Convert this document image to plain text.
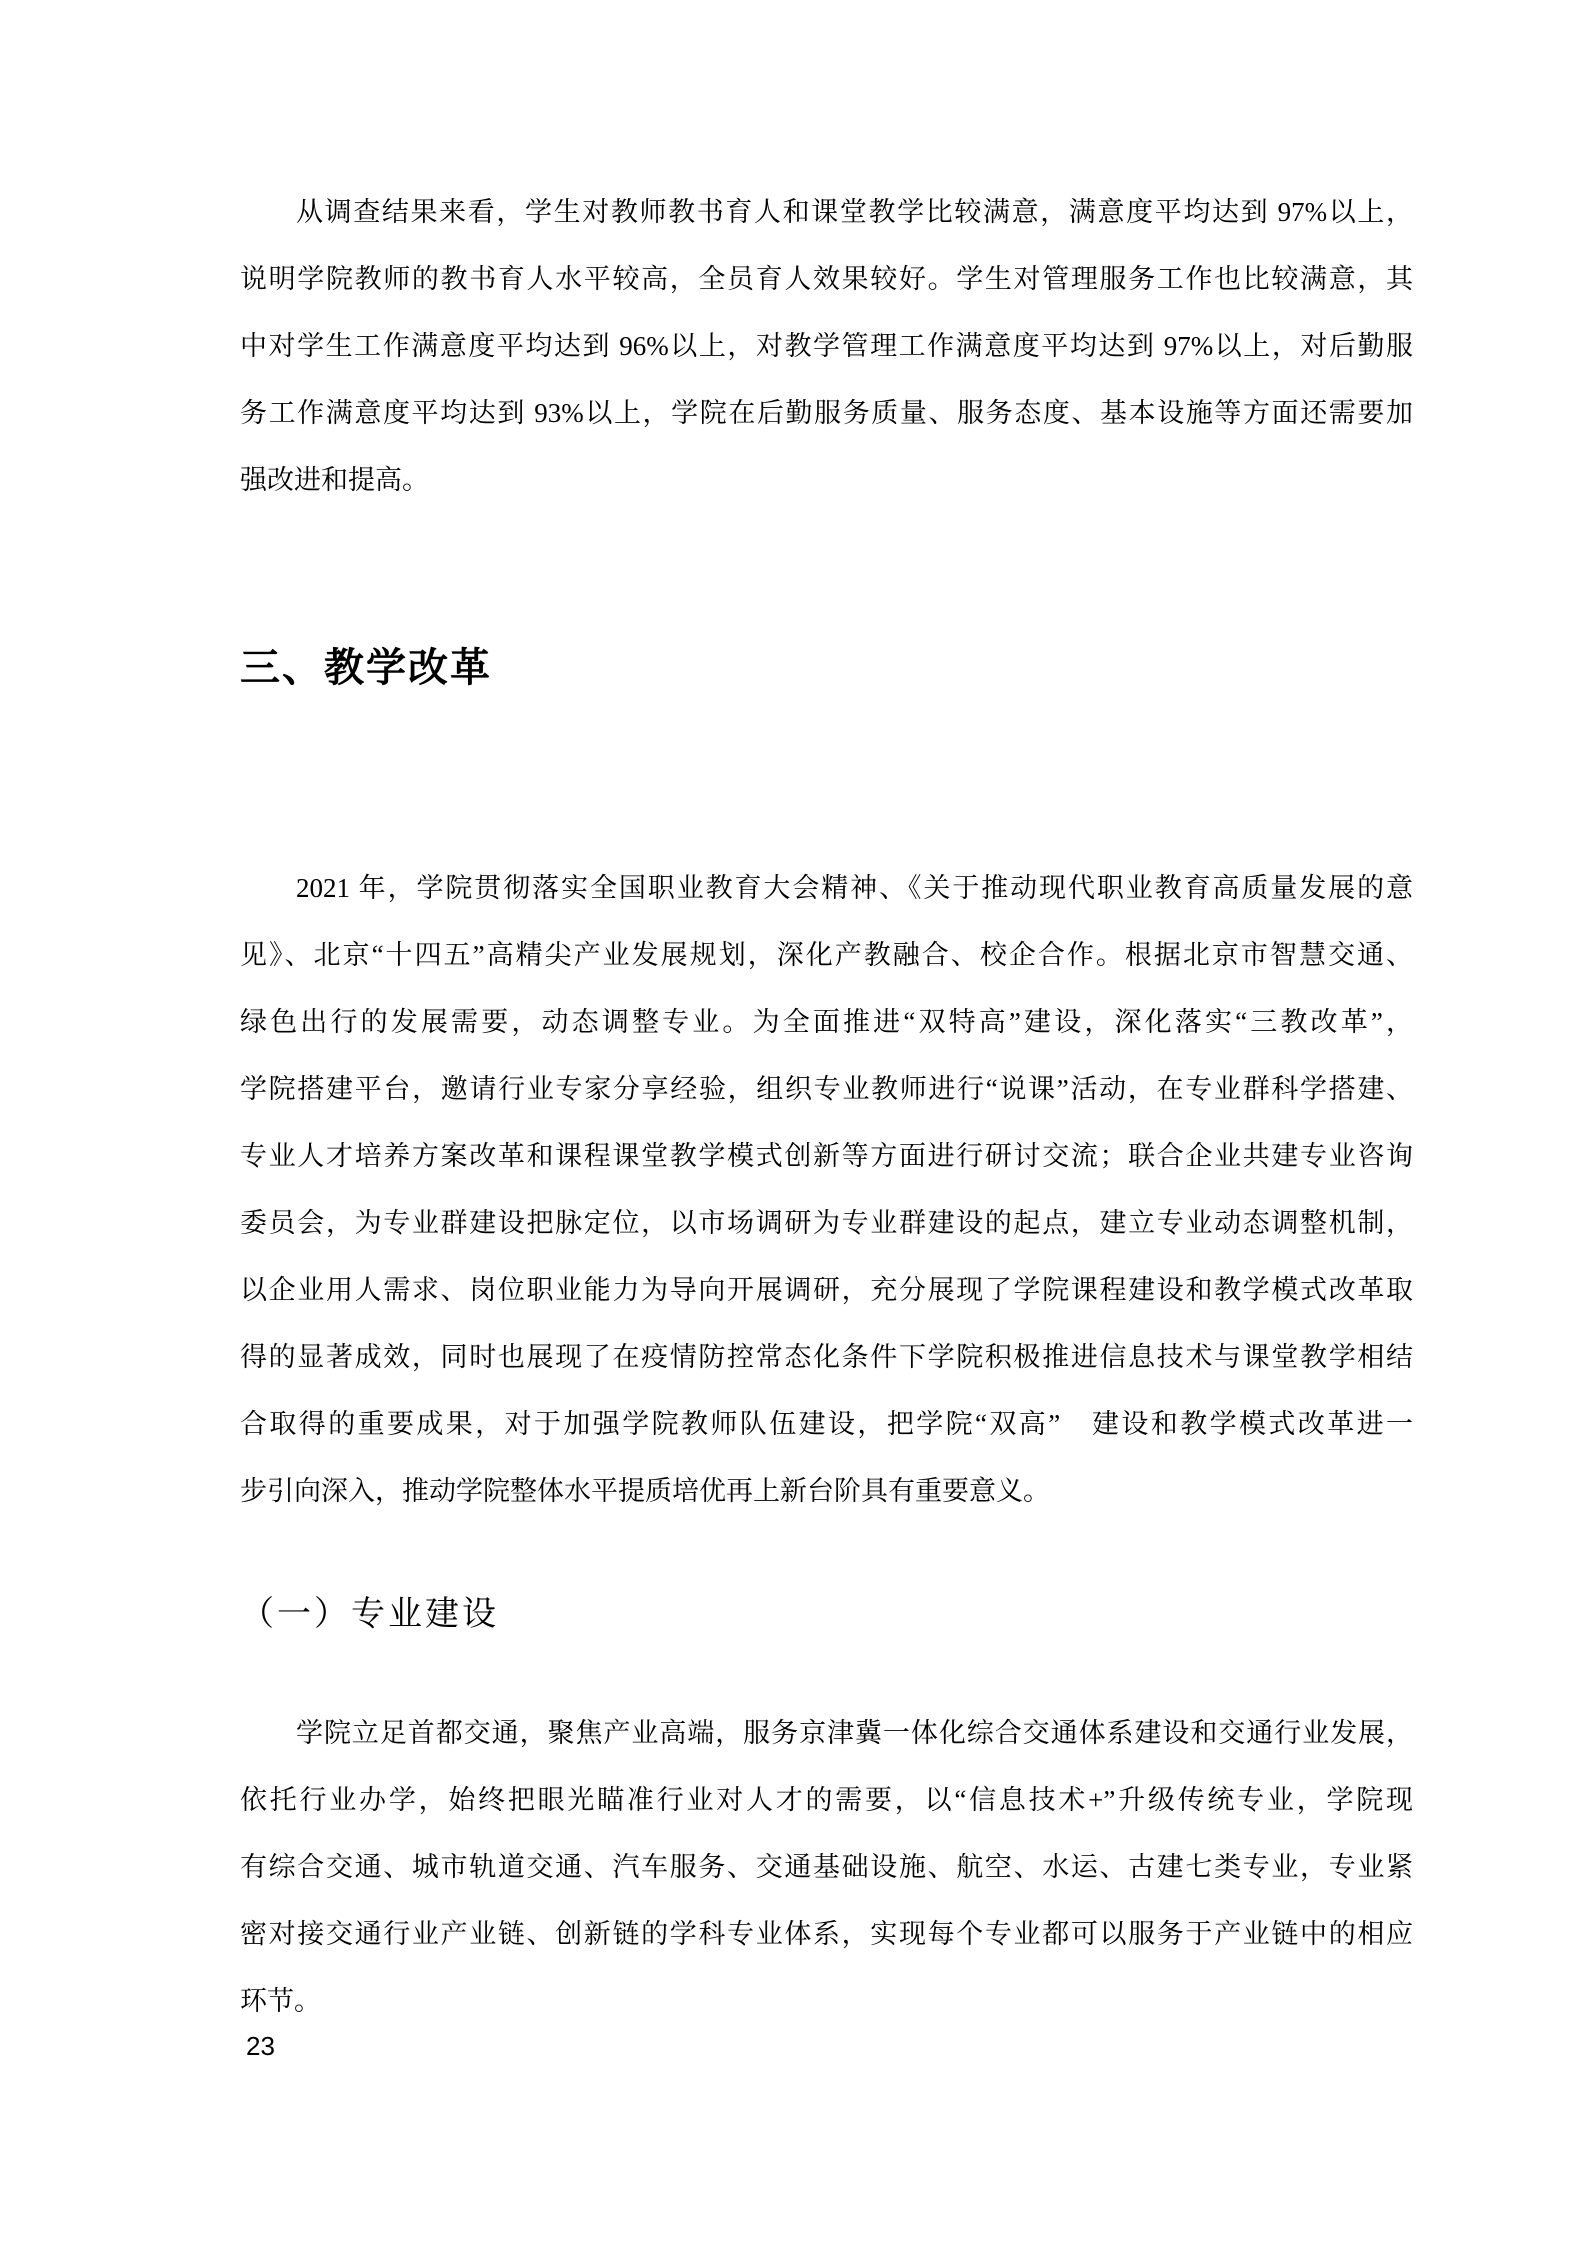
从调查结果来看，学生对教师教书育人和课堂教学比较满意，满意度平均达到 97%以上，
说明学院教师的教书育人水平较高，全员育人效果较好。学生对管理服务工作也比较满意，其
中对学生工作满意度平均达到 96%以上，对教学管理工作满意度平均达到 97%以上，对后勤服
务工作满意度平均达到 93%以上，学院在后勤服务质量、服务态度、基本设施等方面还需要加
强改进和提高。
三、教学改革
2021 年，学院贯彻落实全国职业教育大会精神、《关于推动现代职业教育高质量发展的意
见》、北京“十四五”高精尖产业发展规划，深化产教融合、校企合作。根据北京市智慧交通、
绿色出行的发展需要，动态调整专业。为全面推进“双特高”建设，深化落实“三教改革”，
学院搭建平台，邀请行业专家分享经验，组织专业教师进行“说课”活动，在专业群科学搭建、
专业人才培养方案改革和课程课堂教学模式创新等方面进行研讨交流；联合企业共建专业咨询
委员会，为专业群建设把脉定位，以市场调研为专业群建设的起点，建立专业动态调整机制，
以企业用人需求、岗位职业能力为导向开展调研，充分展现了学院课程建设和教学模式改革取
得的显著成效，同时也展现了在疫情防控常态化条件下学院积极推进信息技术与课堂教学相结
合取得的重要成果，对于加强学院教师队伍建设，把学院“双高”　建设和教学模式改革进一
步引向深入，推动学院整体水平提质培优再上新台阶具有重要意义。
（一）专业建设
学院立足首都交通，聚焦产业高端，服务京津冀一体化综合交通体系建设和交通行业发展，
依托行业办学，始终把眼光瞄准行业对人才的需要，以“信息技术+”升级传统专业，学院现
有综合交通、城市轨道交通、汽车服务、交通基础设施、航空、水运、古建七类专业，专业紧
密对接交通行业产业链、创新链的学科专业体系，实现每个专业都可以服务于产业链中的相应
环节。
23
